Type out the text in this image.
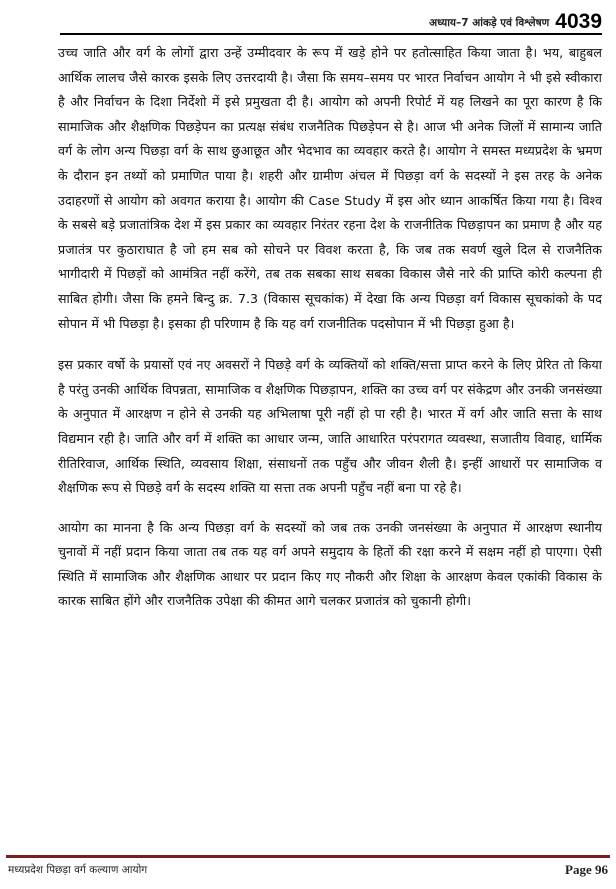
अध्याय–7 आंकड़े एवं विश्लेषण 4039

उच्च जाति और वर्ग के लोगों द्वारा उन्हें उम्मीदवार के रूप में खड़े होने पर हतोत्साहित किया जाता है। भय, बाहुबल आर्थिक लालच जैसे कारक इसके लिए उत्तरदायी है। जैसा कि समय–समय पर भारत निर्वाचन आयोग ने भी इसे स्वीकारा है और निर्वाचन के दिशा निर्देशो में इसे प्रमुखता दी है। आयोग को अपनी रिपोर्ट में यह लिखने का पूरा कारण है कि सामाजिक और शैक्षणिक पिछड़ेपन का प्रत्यक्ष संबंध राजनैतिक पिछड़ेपन से है। आज भी अनेक जिलों में सामान्य जाति वर्ग के लोग अन्य पिछड़ा वर्ग के साथ छुआछूत और भेदभाव का व्यवहार करते है। आयोग ने समस्त मध्यप्रदेश के भ्रमण के दौरान इन तथ्यों को प्रमाणित पाया है। शहरी और ग्रामीण अंचल में पिछड़ा वर्ग के सदस्यों ने इस तरह के अनेक उदाहरणों से आयोग को अवगत कराया है। आयोग की Case Study में इस ओर ध्यान आकर्षित किया गया है। विश्व के सबसे बड़े प्रजातांत्रिक देश में इस प्रकार का व्यवहार निरंतर रहना देश के राजनीतिक पिछड़ापन का प्रमाण है और यह प्रजातंत्र पर कुठाराघात है जो हम सब को सोचने पर विवश करता है, कि जब तक सवर्ण खुले दिल से राजनैतिक भागीदारी में पिछड़ों को आमंत्रित नहीं करेंगे, तब तक सबका साथ सबका विकास जैसे नारे की प्राप्ति कोरी कल्पना ही साबित होगी। जैसा कि हमने बिन्दु क्र. 7.3 (विकास सूचकांक) में देखा कि अन्य पिछड़ा वर्ग विकास सूचकांको के पद सोपान में भी पिछड़ा है। इसका ही परिणाम है कि यह वर्ग राजनीतिक पदसोपान में भी पिछड़ा हुआ है।

इस प्रकार वर्षो के प्रयासों एवं नए अवसरों ने पिछड़े वर्ग के व्यक्तियों को शक्ति/सत्ता प्राप्त करने के लिए प्रेरित तो किया है परंतु उनकी आर्थिक विपन्नता, सामाजिक व शैक्षणिक पिछड़ापन, शक्ति का उच्च वर्ग पर संकेद्रण और उनकी जनसंख्या के अनुपात में आरक्षण न होने से उनकी यह अभिलाषा पूरी नहीं हो पा रही है। भारत में वर्ग और जाति सत्ता के साथ विद्यमान रही है। जाति और वर्ग में शक्ति का आधार जन्म, जाति आधारित परंपरागत व्यवस्था, सजातीय विवाह, धार्मिक रीतिरिवाज, आर्थिक स्थिति, व्यवसाय शिक्षा, संसाधनों तक पहुँच और जीवन शैली है। इन्हीं आधारों पर सामाजिक व शैक्षणिक रूप से पिछड़े वर्ग के सदस्य शक्ति या सत्ता तक अपनी पहुँच नहीं बना पा रहे है।

आयोग का मानना है कि अन्य पिछड़ा वर्ग के सदस्यों को जब तक उनकी जनसंख्या के अनुपात में आरक्षण स्थानीय चुनावों में नहीं प्रदान किया जाता तब तक यह वर्ग अपने समुदाय के हितों की रक्षा करने में सक्षम नहीं हो पाएगा। ऐसी स्थिति में सामाजिक और शैक्षणिक आधार पर प्रदान किए गए नौकरी और शिक्षा के आरक्षण केवल एकांकी विकास के कारक साबित होंगे और राजनैतिक उपेक्षा की कीमत आगे चलकर प्रजातंत्र को चुकानी होगी।

मध्यप्रदेश पिछड़ा वर्ग कल्याण आयोग	Page 96
